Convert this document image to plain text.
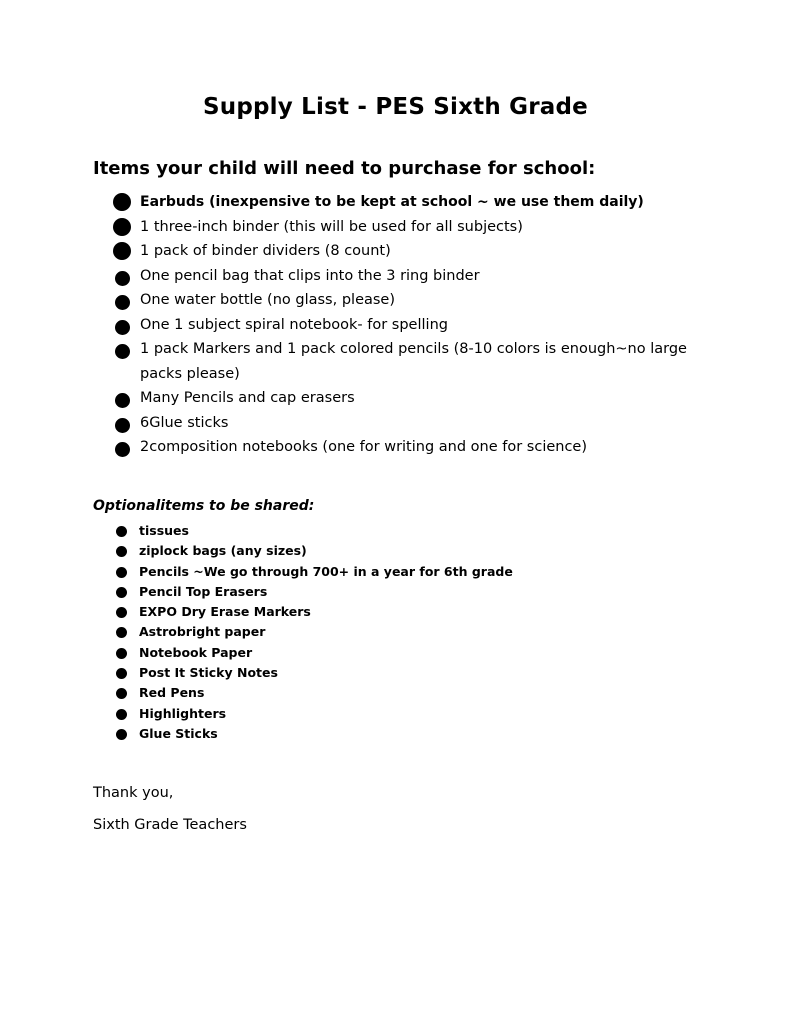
Supply List - PES Sixth Grade
Items your child will need to purchase for school:
Earbuds (inexpensive to be kept at school ~ we use them daily)
1 three-inch binder (this will be used for all subjects)
1 pack of binder dividers (8 count)
One pencil bag that clips into the 3 ring binder
One water bottle (no glass, please)
One 1 subject spiral notebook- for spelling
1 pack Markers and 1 pack colored pencils (8-10 colors is enough~no large
packs please)
Many Pencils and cap erasers
6Glue sticks
2composition notebooks (one for writing and one for science)
Optionalitems to be shared:
tissues
ziplock bags (any sizes)
Pencils ~We go through 700+ in a year for 6th grade
Pencil Top Erasers
EXPO Dry Erase Markers
Astrobright paper
Notebook Paper
Post It Sticky Notes
Red Pens
Highlighters
Glue Sticks
Thank you,
Sixth Grade Teachers
